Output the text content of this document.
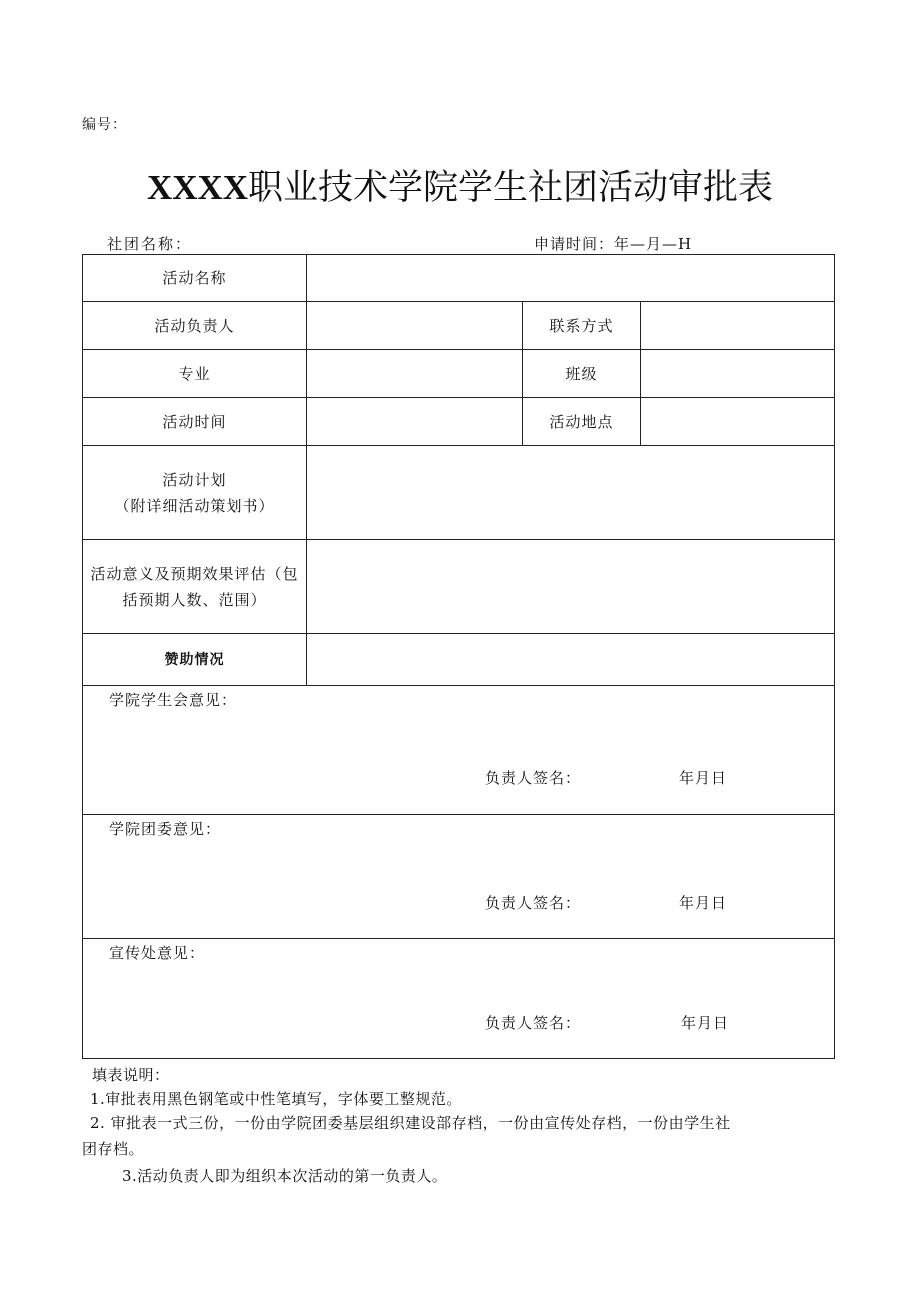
编号：
XXXX职业技术学院学生社团活动审批表
社团名称：	申请时间：年—月—H
活动名称
活动负责人	联系方式
专业	班级
活动时间	活动地点
活动计划
（附详细活动策划书）
活动意义及预期效果评估（包
括预期人数、范围）
赞助情况
学院学生会意见：
负责人签名：	年月日
学院团委意见：
负责人签名：	年月日
宣传处意见：
负责人签名：	年月日
填表说明：
1.审批表用黑色钢笔或中性笔填写，字体要工整规范。
2. 审批表一式三份，一份由学院团委基层组织建设部存档，一份由宣传处存档，一份由学生社
团存档。
3.活动负责人即为组织本次活动的第一负责人。
